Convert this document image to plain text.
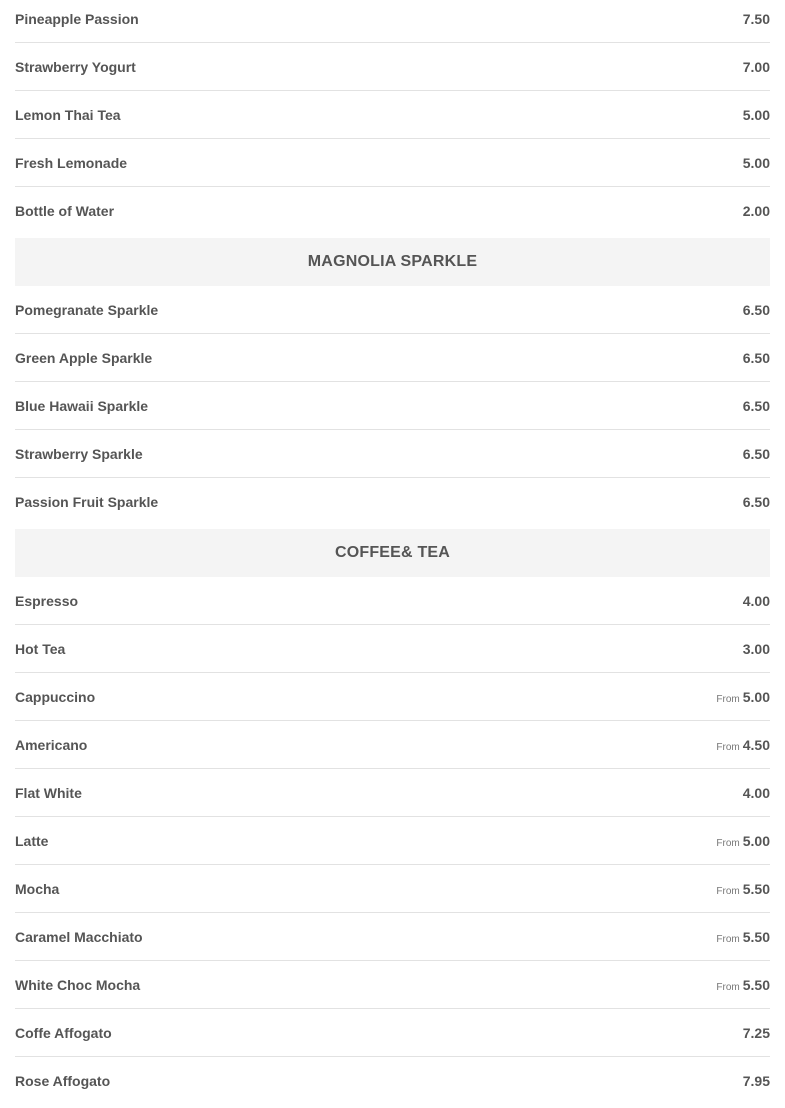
Pineapple Passion	7.50
Strawberry Yogurt	7.00
Lemon Thai Tea	5.00
Fresh Lemonade	5.00
Bottle of Water	2.00
MAGNOLIA SPARKLE
Pomegranate Sparkle	6.50
Green Apple Sparkle	6.50
Blue Hawaii Sparkle	6.50
Strawberry Sparkle	6.50
Passion Fruit Sparkle	6.50
COFFEE& TEA
Espresso	4.00
Hot Tea	3.00
Cappuccino	From 5.00
Americano	From 4.50
Flat White	4.00
Latte	From 5.00
Mocha	From 5.50
Caramel Macchiato	From 5.50
White Choc Mocha	From 5.50
Coffe Affogato	7.25
Rose Affogato	7.95
